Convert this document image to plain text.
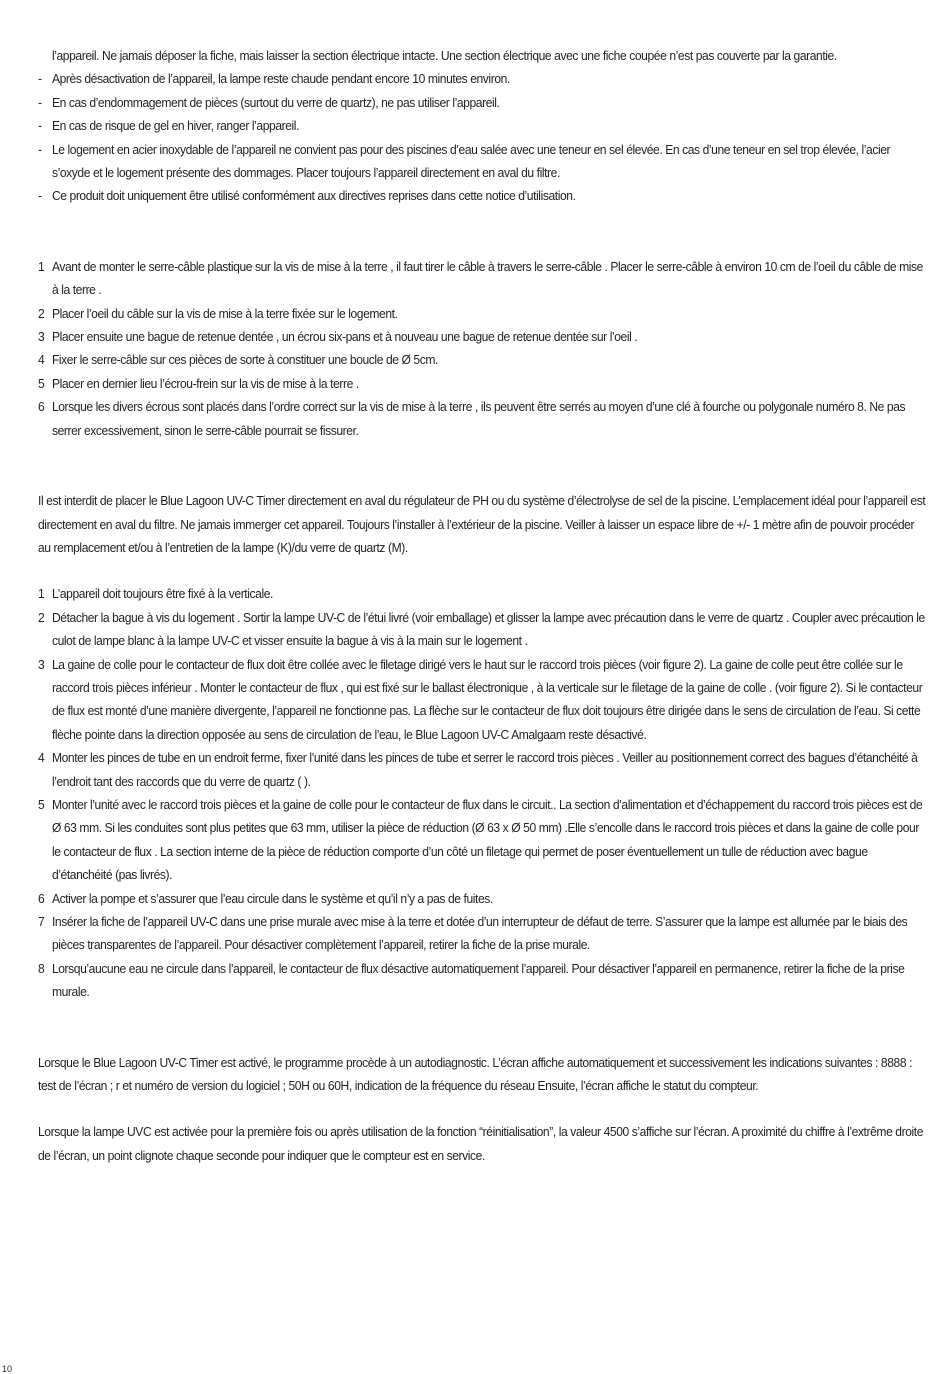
l’appareil. Ne jamais déposer la fiche, mais laisser la section électrique intacte. Une section électrique avec une fiche coupée n’est pas couverte par la garantie.
- Après désactivation de l’appareil, la lampe reste chaude pendant encore 10 minutes environ.
- En cas d’endommagement de pièces (surtout du verre de quartz), ne pas utiliser l’appareil.
- En cas de risque de gel en hiver, ranger l’appareil.
- Le logement en acier inoxydable de l’appareil ne convient pas pour des piscines d’eau salée avec une teneur en sel élevée. En cas d’une teneur en sel trop élevée, l’acier s’oxyde et le logement présente des dommages. Placer toujours l’appareil directement en aval du filtre.
- Ce produit doit uniquement être utilisé conformément aux directives reprises dans cette notice d’utilisation.
1 Avant de monter le serre-câble plastique sur la vis de mise à la terre , il faut tirer le câble à travers le serre-câble . Placer le serre-câble à environ 10 cm de l’oeil du câble de mise à la terre .
2 Placer l’oeil du câble sur la vis de mise à la terre fixée sur le logement.
3 Placer ensuite une bague de retenue dentée , un écrou six-pans et à nouveau une bague de retenue dentée sur l’oeil .
4 Fixer le serre-câble sur ces pièces de sorte à constituer une boucle de Ø 5cm.
5 Placer en dernier lieu l’écrou-frein sur la vis de mise à la terre .
6 Lorsque les divers écrous sont placés dans l’ordre correct sur la vis de mise à la terre , ils peuvent être serrés au moyen d’une clé à fourche ou polygonale numéro 8. Ne pas serrer excessivement, sinon le serre-câble pourrait se fissurer.

Il est interdit de placer le Blue Lagoon UV-C Timer directement en aval du régulateur de PH ou du système d’électrolyse de sel de la piscine. L’emplacement idéal pour l’appareil est directement en aval du filtre. Ne jamais immerger cet appareil. Toujours l’installer à l’extérieur de la piscine. Veiller à laisser un espace libre de +/- 1 mètre afin de pouvoir procéder au remplacement et/ou à l’entretien de la lampe (K)/du verre de quartz (M).

1 L’appareil doit toujours être fixé à la verticale.
2 Détacher la bague à vis du logement . Sortir la lampe UV-C de l’étui livré (voir emballage) et glisser la lampe avec précaution dans le verre de quartz . Coupler avec précaution le culot de lampe blanc à la lampe UV-C et visser ensuite la bague à vis à la main sur le logement .
3 La gaine de colle pour le contacteur de flux doit être collée avec le filetage dirigé vers le haut sur le raccord trois pièces (voir figure 2). La gaine de colle peut être collée sur le raccord trois pièces inférieur . Monter le contacteur de flux , qui est fixé sur le ballast électronique , à la verticale sur le filetage de la gaine de colle . (voir figure 2). Si le contacteur de flux est monté d’une manière divergente, l’appareil ne fonctionne pas. La flèche sur le contacteur de flux doit toujours être dirigée dans le sens de circulation de l’eau. Si cette flèche pointe dans la direction opposée au sens de circulation de l’eau, le Blue Lagoon UV-C Amalgaam reste désactivé.
4 Monter les pinces de tube en un endroit ferme, fixer l’unité dans les pinces de tube et serrer le raccord trois pièces . Veiller au positionnement correct des bagues d’étanchéité à l’endroit tant des raccords que du verre de quartz ( ).
5 Monter l’unité avec le raccord trois pièces et la gaine de colle pour le contacteur de flux dans le circuit.. La section d’alimentation et d’échappement du raccord trois pièces est de Ø 63 mm. Si les conduites sont plus petites que 63 mm, utiliser la pièce de réduction (Ø 63 x Ø 50 mm) .Elle s’encolle dans le raccord trois pièces et dans la gaine de colle pour le contacteur de flux . La section interne de la pièce de réduction comporte d’un côté un filetage qui permet de poser éventuellement un tulle de réduction avec bague d’étanchéité (pas livrés).
6 Activer la pompe et s’assurer que l’eau circule dans le système et qu’il n’y a pas de fuites.
7 Insérer la fiche de l’appareil UV-C dans une prise murale avec mise à la terre et dotée d’un interrupteur de défaut de terre. S’assurer que la lampe est allumée par le biais des pièces transparentes de l’appareil. Pour désactiver complètement l’appareil, retirer la fiche de la prise murale.
8 Lorsqu’aucune eau ne circule dans l’appareil, le contacteur de flux désactive automatiquement l’appareil. Pour désactiver l’appareil en permanence, retirer la fiche de la prise murale.

Lorsque le Blue Lagoon UV-C Timer est activé, le programme procède à un autodiagnostic. L’écran affiche automatiquement et successivement les indications suivantes : 8888 : test de l’écran ; r et numéro de version du logiciel ; 50H ou 60H, indication de la fréquence du réseau Ensuite, l’écran affiche le statut du compteur.

Lorsque la lampe UVC est activée pour la première fois ou après utilisation de la fonction “réinitialisation”, la valeur 4500 s’affiche sur l’écran. A proximité du chiffre à l’extrême droite de l’écran, un point clignote chaque seconde pour indiquer que le compteur est en service.

10
